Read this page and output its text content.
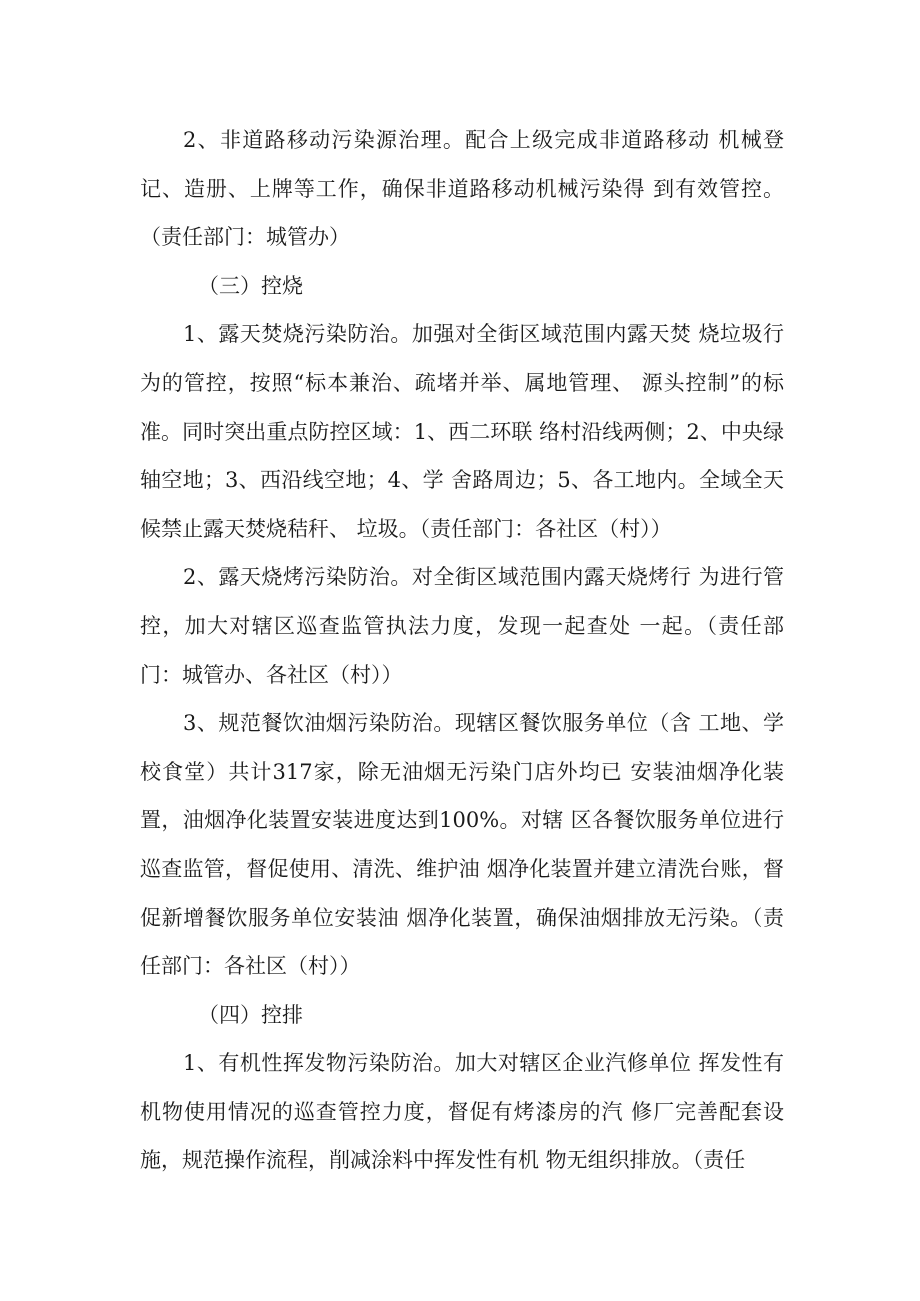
2、非道路移动污染源治理。配合上级完成非道路移动 机械登记、造册、上牌等工作，确保非道路移动机械污染得 到有效管控。（责任部门：城管办）

（三）控烧

1、露天焚烧污染防治。加强对全街区域范围内露天焚 烧垃圾行为的管控，按照“标本兼治、疏堵并举、属地管理、 源头控制”的标准。同时突出重点防控区域：1、西二环联 络村沿线两侧；2、中央绿轴空地；3、西沿线空地；4、学 舍路周边；5、各工地内。全域全天候禁止露天焚烧秸秆、 垃圾。（责任部门：各社区（村））

2、露天烧烤污染防治。对全街区域范围内露天烧烤行 为进行管控，加大对辖区巡查监管执法力度，发现一起查处 一起。（责任部门：城管办、各社区（村））

3、规范餐饮油烟污染防治。现辖区餐饮服务单位（含 工地、学校食堂）共计317家，除无油烟无污染门店外均已 安装油烟净化装置，油烟净化装置安装进度达到100%。对辖 区各餐饮服务单位进行巡查监管，督促使用、清洗、维护油 烟净化装置并建立清洗台账，督促新增餐饮服务单位安装油 烟净化装置，确保油烟排放无污染。（责任部门：各社区（村））

（四）控排

1、有机性挥发物污染防治。加大对辖区企业汽修单位 挥发性有机物使用情况的巡查管控力度，督促有烤漆房的汽 修厂完善配套设施，规范操作流程，削减涂料中挥发性有机 物无组织排放。（责任
